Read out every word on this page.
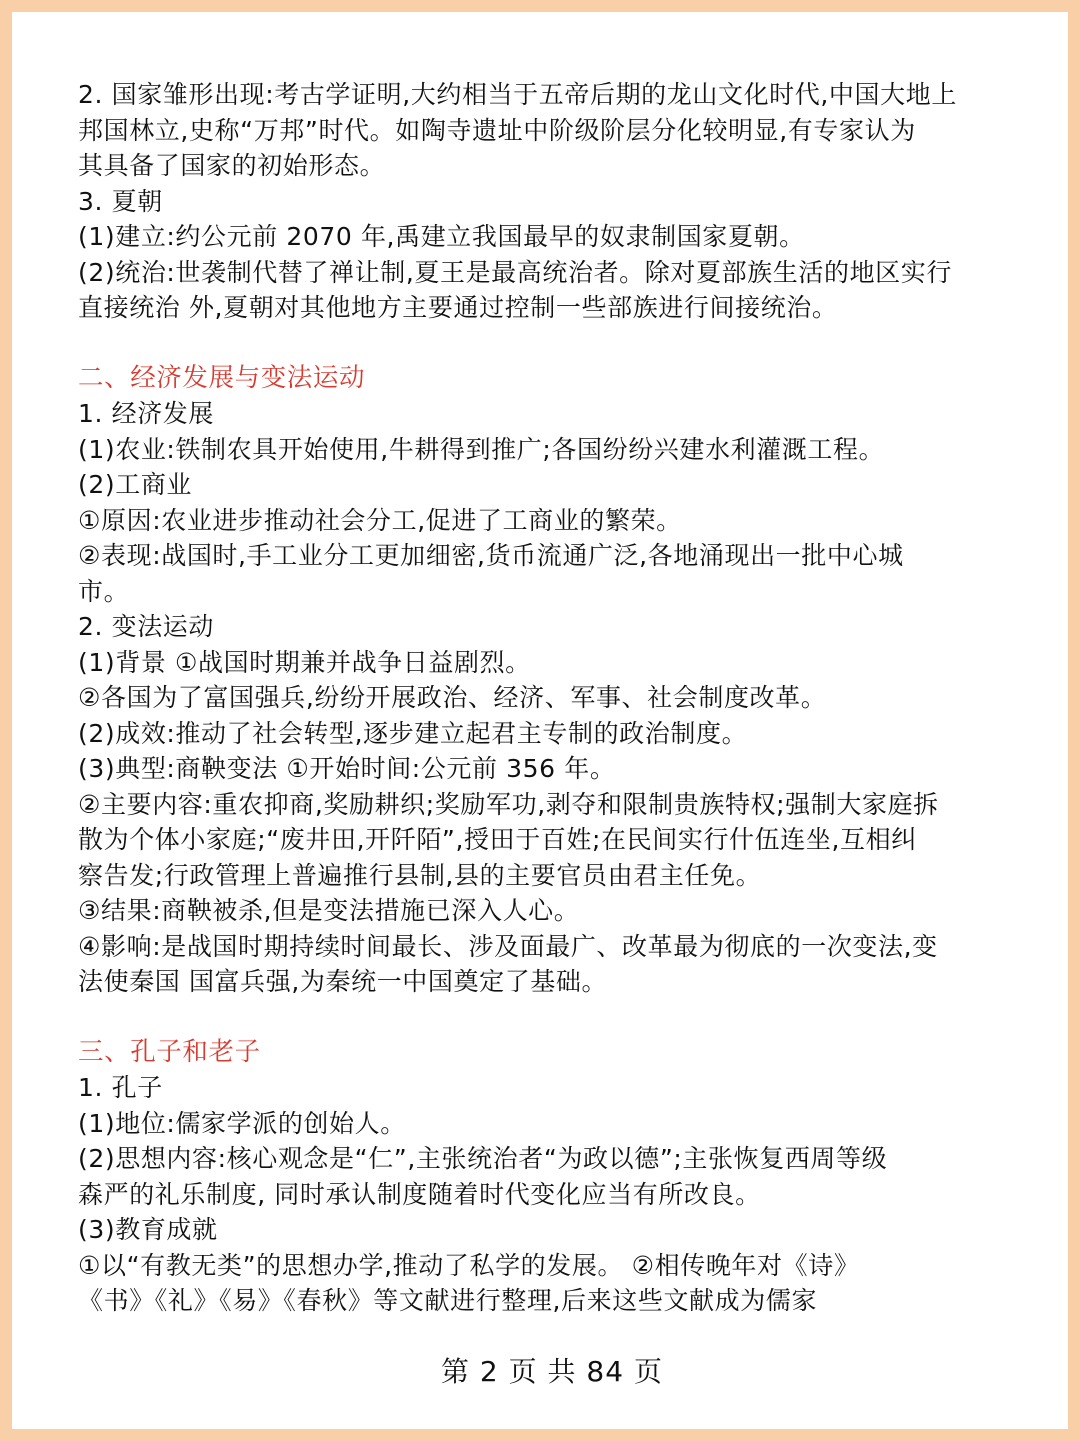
2. 国家雏形出现:考古学证明,大约相当于五帝后期的龙山文化时代,中国大地上

邦国林立,史称“万邦”时代。如陶寺遗址中阶级阶层分化较明显,有专家认为

其具备了国家的初始形态。

3. 夏朝

(1)建立:约公元前 2070 年,禹建立我国最早的奴隶制国家夏朝。

(2)统治:世袭制代替了禅让制,夏王是最高统治者。除对夏部族生活的地区实行

直接统治 外,夏朝对其他地方主要通过控制一些部族进行间接统治。

二、经济发展与变法运动

1. 经济发展

(1)农业:铁制农具开始使用,牛耕得到推广;各国纷纷兴建水利灌溉工程。

(2)工商业

①原因:农业进步推动社会分工,促进了工商业的繁荣。

②表现:战国时,手工业分工更加细密,货币流通广泛,各地涌现出一批中心城

市。

2. 变法运动

(1)背景 ①战国时期兼并战争日益剧烈。

②各国为了富国强兵,纷纷开展政治、经济、军事、社会制度改革。

(2)成效:推动了社会转型,逐步建立起君主专制的政治制度。

(3)典型:商鞅变法 ①开始时间:公元前 356 年。

②主要内容:重农抑商,奖励耕织;奖励军功,剥夺和限制贵族特权;强制大家庭拆

散为个体小家庭;“废井田,开阡陌”,授田于百姓;在民间实行什伍连坐,互相纠

察告发;行政管理上普遍推行县制,县的主要官员由君主任免。

③结果:商鞅被杀,但是变法措施已深入人心。

④影响:是战国时期持续时间最长、涉及面最广、改革最为彻底的一次变法,变

法使秦国 国富兵强,为秦统一中国奠定了基础。

三、孔子和老子

1. 孔子

(1)地位:儒家学派的创始人。

(2)思想内容:核心观念是“仁”,主张统治者“为政以德”;主张恢复西周等级

森严的礼乐制度, 同时承认制度随着时代变化应当有所改良。

(3)教育成就

①以“有教无类”的思想办学,推动了私学的发展。 ②相传晚年对《诗》

《书》《礼》《易》《春秋》等文献进行整理,后来这些文献成为儒家

第 2 页 共 84 页
